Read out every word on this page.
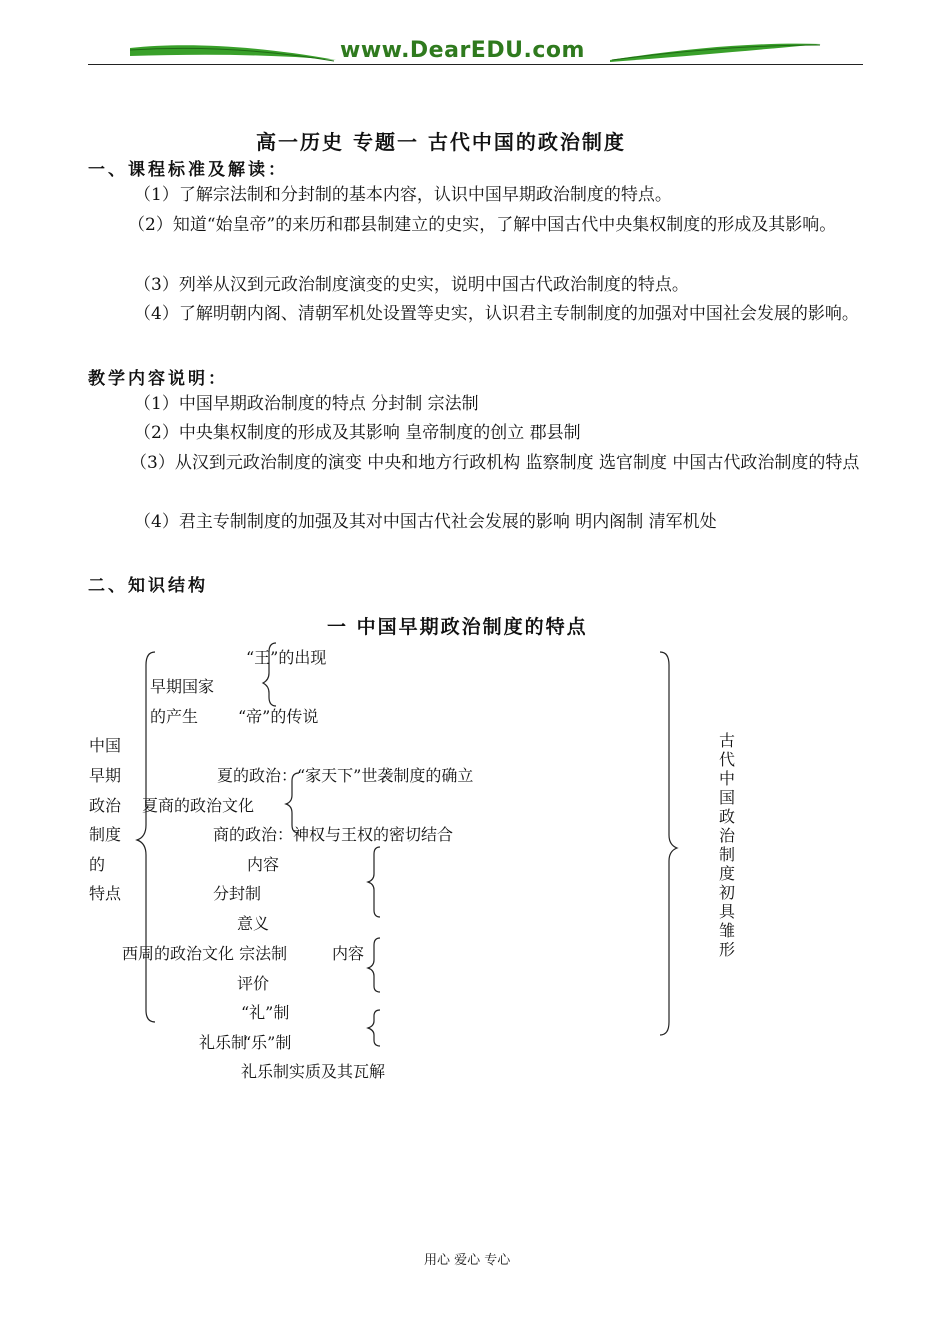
www.DearEDU.com
高一历史 专题一 古代中国的政治制度
一、课程标准及解读：
（1）了解宗法制和分封制的基本内容，认识中国早期政治制度的特点。
（2）知道“始皇帝”的来历和郡县制建立的史实，了解中国古代中央集权制度的形成及其影响。
（3）列举从汉到元政治制度演变的史实，说明中国古代政治制度的特点。
（4）了解明朝内阁、清朝军机处设置等史实，认识君主专制制度的加强对中国社会发展的影响。
教学内容说明：
（1）中国早期政治制度的特点 分封制 宗法制
（2）中央集权制度的形成及其影响 皇帝制度的创立 郡县制
（3）从汉到元政治制度的演变 中央和地方行政机构 监察制度 选官制度 中国古代政治制度的特点
（4）君主专制制度的加强及其对中国古代社会发展的影响 明内阁制 清军机处
二、知识结构
一 中国早期政治制度的特点
中国
早期
政治
制度
的
特点
“王”的出现
早期国家
的产生 “帝”的传说
夏的政治：“家天下”世袭制度的确立
夏商的政治文化
商的政治：神权与王权的密切结合
内容
分封制
意义
西周的政治文化 宗法制	内容
评价
“礼”制
礼乐制
“乐”制
礼乐制实质及其瓦解
古
代
中
国
政
治
制
度
初
具
雏
形
用心 爱心 专心
